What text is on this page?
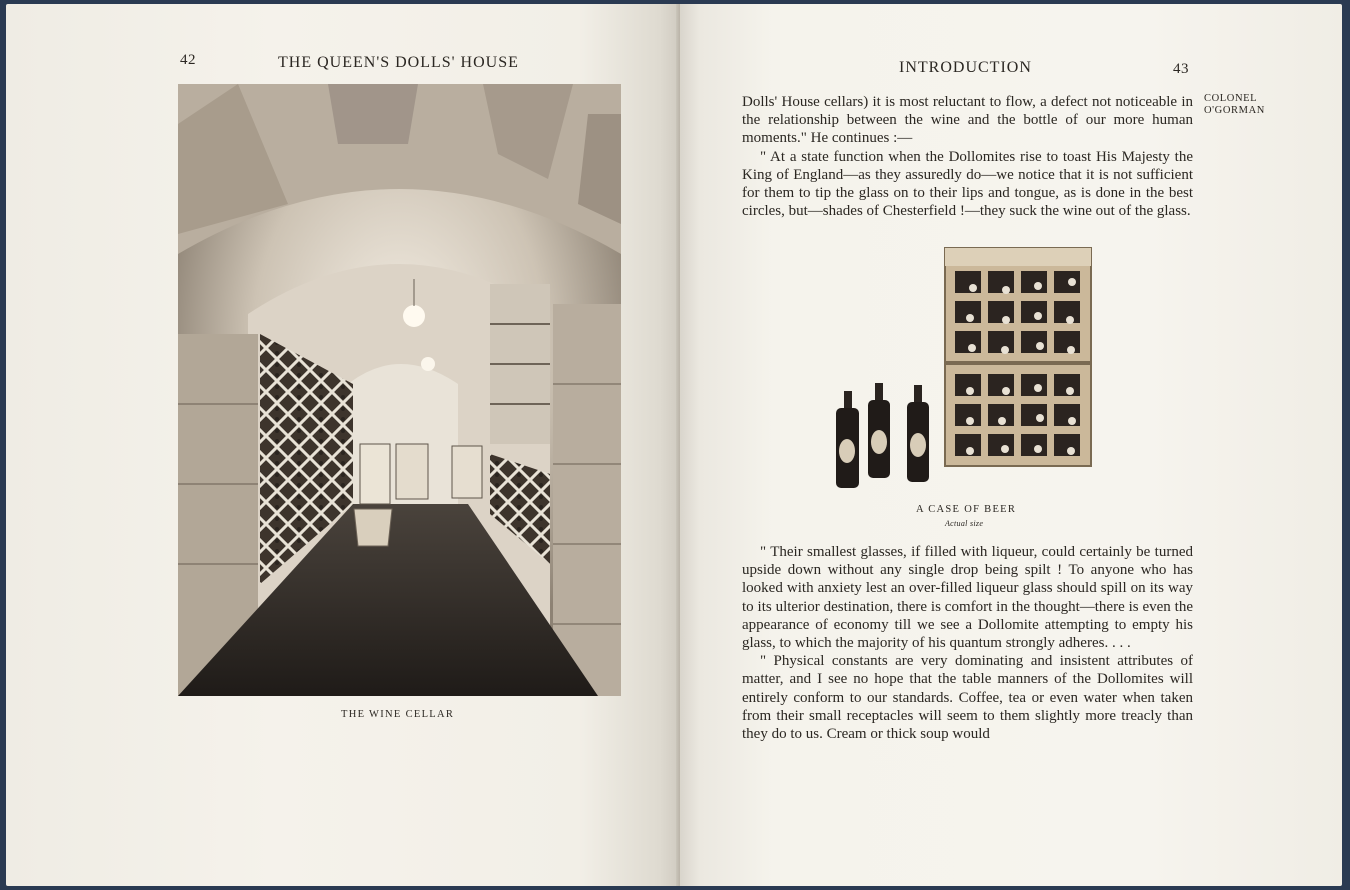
42	THE QUEEN'S DOLLS' HOUSE
THE WINE CELLAR
INTRODUCTION	43
COLONEL O'GORMAN

Dolls' House cellars) it is most reluctant to flow, a defect not noticeable in the relationship between the wine and the bottle of our more human moments." He continues :—

" At a state function when the Dollomites rise to toast His Majesty the King of England—as they assuredly do—we notice that it is not sufficient for them to tip the glass on to their lips and tongue, as is done in the best circles, but—shades of Chesterfield !—they suck the wine out of the glass.

A CASE OF BEER
Actual size

" Their smallest glasses, if filled with liqueur, could certainly be turned upside down without any single drop being spilt ! To anyone who has looked with anxiety lest an over-filled liqueur glass should spill on its way to its ulterior destination, there is comfort in the thought—there is even the appearance of economy till we see a Dollomite attempting to empty his glass, to which the majority of his quantum strongly adheres. . . .

" Physical constants are very dominating and insistent attributes of matter, and I see no hope that the table manners of the Dollomites will entirely conform to our standards. Coffee, tea or even water when taken from their small receptacles will seem to them slightly more treacly than they do to us. Cream or thick soup would
